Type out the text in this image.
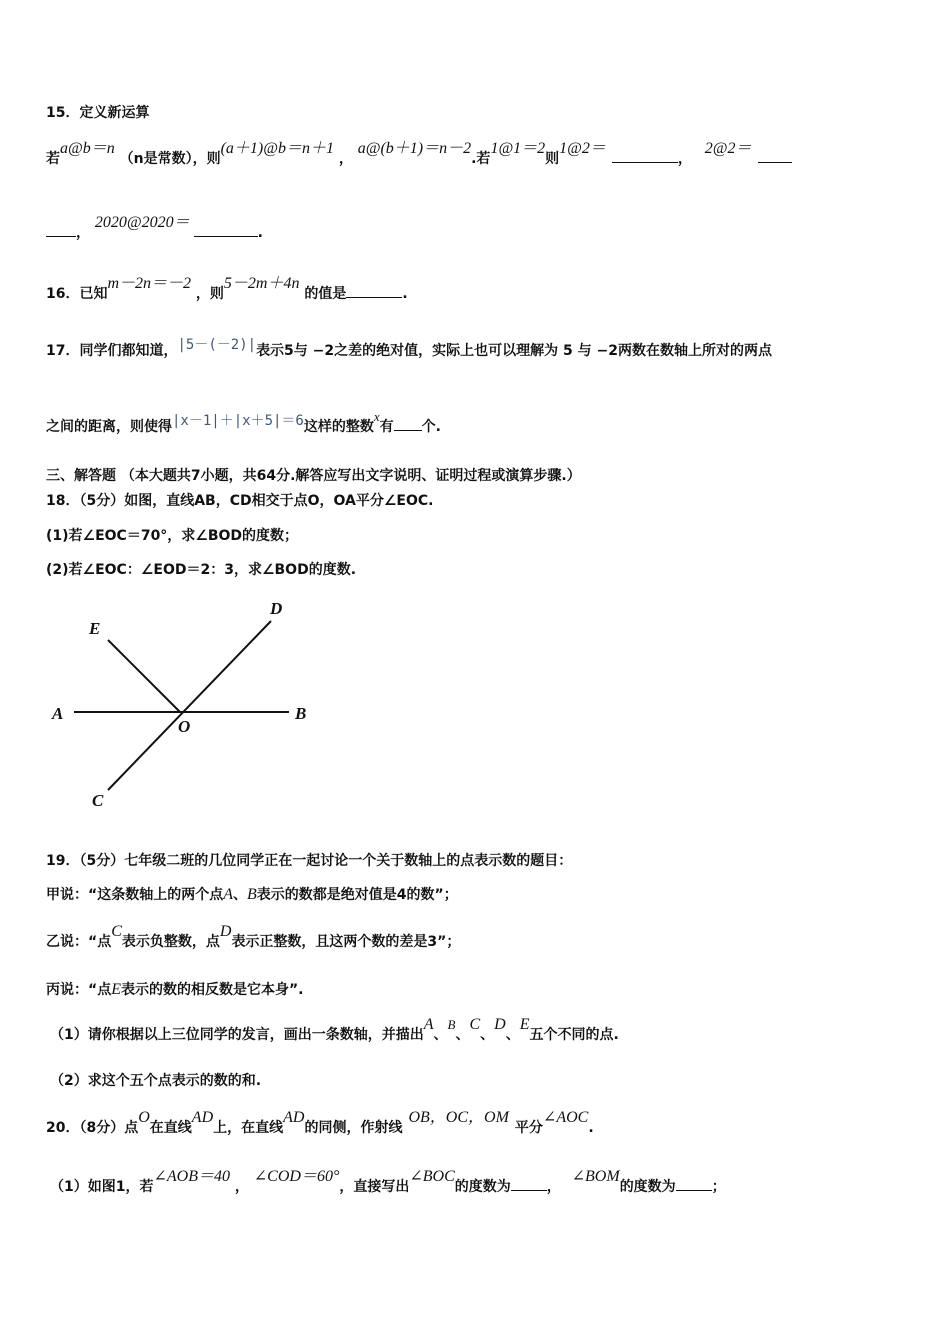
15．定义新运算
若a@b＝n （n是常数），则(a＋1)@b＝n＋1 ， a@(b＋1)＝n－2.若1@1＝2则1@2＝， 2@2＝
， 2020@2020＝.
16．已知m－2n＝－2 ，则5－2m＋4n 的值是	.
17．同学们都知道，|5－(－2)|表示5与 −2之差的绝对值，实际上也可以理解为 5 与 −2两数在数轴上所对的两点
之间的距离，则使得|x－1|＋|x＋5|＝6这样的整数x有 个.
三、解答题 （本大题共7小题，共64分.解答应写出文字说明、证明过程或演算步骤.）
18．（5分）如图，直线AB，CD相交于点O，OA平分∠EOC.
(1)若∠EOC＝70°，求∠BOD的度数；
(2)若∠EOC：∠EOD＝2：3，求∠BOD的度数.
E
D
A
O
B
C
19．（5分）七年级二班的几位同学正在一起讨论一个关于数轴上的点表示数的题目：
甲说：“这条数轴上的两个点A、B表示的数都是绝对值是4的数”；
乙说：“点C表示负整数，点D表示正整数，且这两个数的差是3”；
丙说：“点E表示的数的相反数是它本身”.
（1）请你根据以上三位同学的发言，画出一条数轴，并描出A、B、C、D、E五个不同的点.
（2）求这个五个点表示的数的和.
20．（8分）点O在直线AD上，在直线AD的同侧，作射线OB，OC，OM平分∠AOC.
（1）如图1，若∠AOB＝40 ， ∠COD＝60°，直接写出∠BOC的度数为	， ∠BOM的度数为	；
